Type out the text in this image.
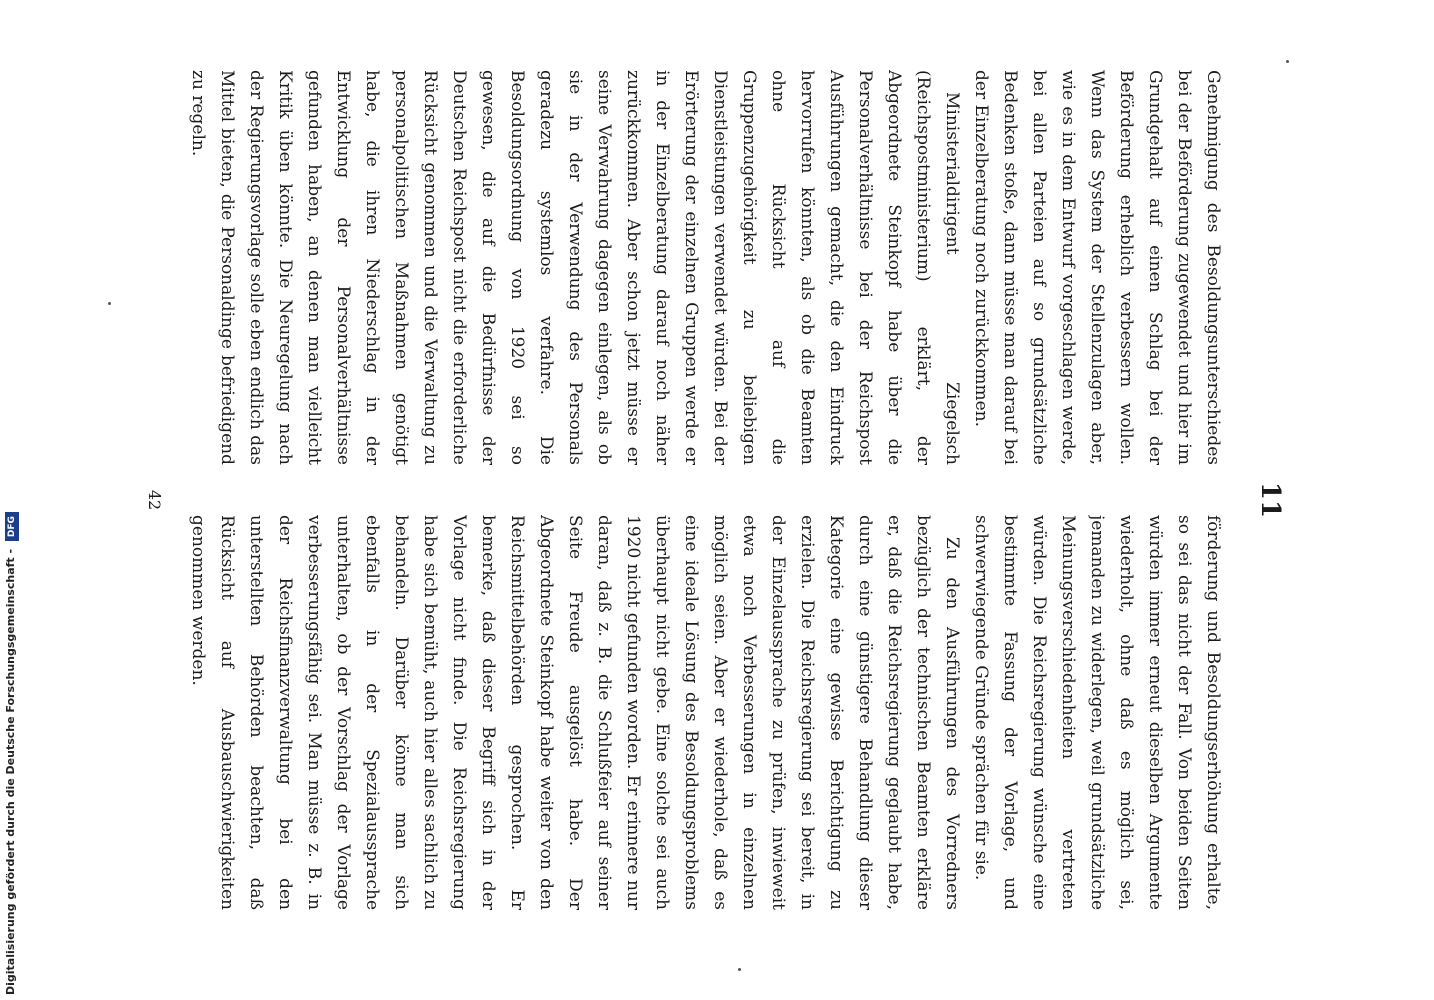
11

Genehmigung des Besoldungsunterschiedes bei der Beförderung zugewendet und hier im Grundgehalt auf einen Schlag bei der Beförderung erheblich verbessern wollen. Wenn das System der Stellenzulagen aber, wie es in dem Entwurf vorgeschlagen werde, bei allen Parteien auf so grundsätzliche Bedenken stoße, dann müsse man darauf bei der Einzelberatung noch zurückkommen.

Ministerialdirigent Ziegelsch (Reichspostministerium) erklärt, der Abgeordnete Steinkopf habe über die Personalverhältnisse bei der Reichspost Ausführungen gemacht, die den Eindruck hervorrufen könnten, als ob die Beamten ohne Rücksicht auf die Gruppenzugehörigkeit zu beliebigen Dienstleistungen verwendet würden. Bei der Erörterung der einzelnen Gruppen werde er in der Einzelberatung darauf noch näher zurückkommen. Aber schon jetzt müsse er seine Verwahrung dagegen einlegen, als ob sie in der Verwendung des Personals geradezu systemlos verfahre. Die Besoldungsordnung von 1920 sei so gewesen, die auf die Bedürfnisse der Deutschen Reichspost nicht die erforderliche Rücksicht genommen und die Verwaltung zu personalpolitischen Maßnahmen genötigt habe, die ihren Niederschlag in der Entwicklung der Personalverhältnisse gefunden haben, an denen man vielleicht Kritik üben könnte. Die Neuregelung nach der Regierungsvorlage solle eben endlich das Mittel bieten, die Personaldinge befriedigend zu regeln.

förderung und Besoldungserhöhung erhalte, so sei das nicht der Fall. Von beiden Seiten würden immer erneut dieselben Argumente wiederholt, ohne daß es möglich sei, jemanden zu widerlegen, weil grundsätzliche Meinungsverschiedenheiten vertreten würden. Die Reichsregierung wünsche eine bestimmte Fassung der Vorlage, und schwerwiegende Gründe sprächen für sie.

Zu den Ausführungen des Vorredners bezüglich der technischen Beamten erkläre er, daß die Reichsregierung geglaubt habe, durch eine günstigere Behandlung dieser Kategorie eine gewisse Berichtigung zu erzielen. Die Reichsregierung sei bereit, in der Einzelaussprache zu prüfen, inwieweit etwa noch Verbesserungen in einzelnen möglich seien. Aber er wiederhole, daß es eine ideale Lösung des Besoldungsproblems überhaupt nicht gebe. Eine solche sei auch 1920 nicht gefunden worden. Er erinnere nur daran, daß z. B. die Schlußfeier auf seiner Seite Freude ausgelöst habe. Der Abgeordnete Steinkopf habe weiter von den Reichsmittelbehörden gesprochen. Er bemerke, daß dieser Begriff sich in der Vorlage nicht finde. Die Reichsregierung habe sich bemüht, auch hier alles sachlich zu behandeln. Darüber könne man sich ebenfalls in der Spezialaussprache unterhalten, ob der Vorschlag der Vorlage verbesserungsfähig sei. Man müsse z. B. in der Reichsfinanzverwaltung bei den unterstellten Behörden beachten, daß Rücksicht auf Ausbauschwierigkeiten genommen werden.

42
Digitalisierung gefördert durch die Deutsche Forschungsgemeinschaft - DFG
